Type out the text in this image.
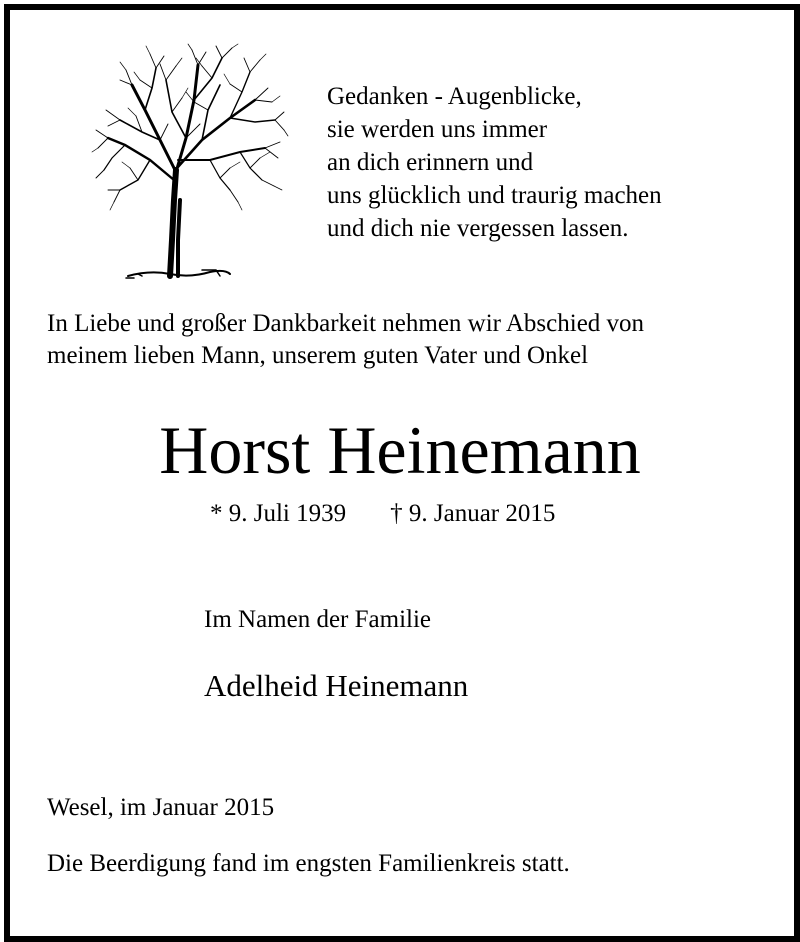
Gedanken - Augenblicke,
sie werden uns immer
an dich erinnern und
uns glücklich und traurig machen
und dich nie vergessen lassen.
In Liebe und großer Dankbarkeit nehmen wir Abschied von
meinem lieben Mann, unserem guten Vater und Onkel
Horst Heinemann
* 9. Juli 1939 † 9. Januar 2015
Im Namen der Familie
Adelheid Heinemann
Wesel, im Januar 2015
Die Beerdigung fand im engsten Familienkreis statt.
